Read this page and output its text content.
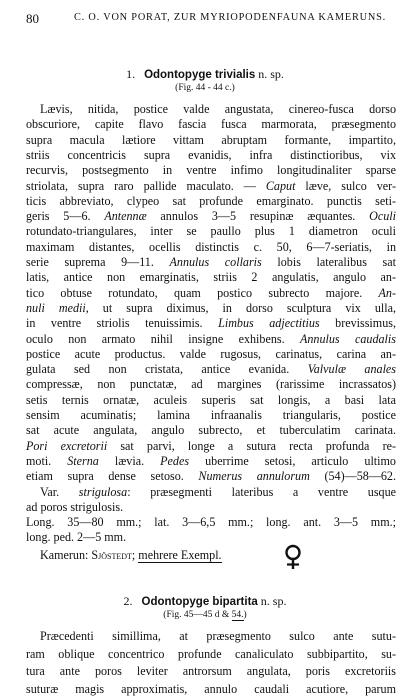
80	C. O. VON PORAT, ZUR MYRIOPODENFAUNA KAMERUNS.
1. Odontopyge trivialis n. sp.
(Fig. 44 - 44 c.)
Lævis, nitida, postice valde angustata, cinereo-fusca dorso
obscuriore, capite flavo fascia fusca marmorata, præsegmento
supra macula lætiore vittam abruptam formante, impartito,
striis concentricis supra evanidis, infra distinctioribus, vix
recurvis, postsegmento in ventre infimo longitudinaliter sparse
striolata, supra raro pallide maculato. — Caput læve, sulco ver-
ticis abbreviato, clypeo sat profunde emarginato. punctis seti-
geris 5—6. Antennæ annulos 3—5 resupinæ æquantes. Oculi
rotundato-triangulares, inter se paullo plus 1 diametron oculi
maximam distantes, ocellis distinctis c. 50, 6—7-seriatis, in
serie suprema 9—11. Annulus collaris lobis lateralibus sat
latis, antice non emarginatis, striis 2 angulatis, angulo an-
tico obtuse rotundato, quam postico subrecto majore. An-
nuli medii, ut supra diximus, in dorso sculptura vix ulla,
in ventre striolis tenuissimis. Limbus adjectitius brevissimus,
oculo non armato nihil insigne exhibens. Annulus caudalis
postice acute productus. valde rugosus, carinatus, carina an-
gulata sed non cristata, antice evanida. Valvulæ anales
compressæ, non punctatæ, ad margines (rarissime incrassatos)
setis ternis ornatæ, aculeis superis sat longis, a basi lata
sensim acuminatis; lamina infraanalis triangularis, postice
sat acute angulata, angulo subrecto, et tuberculatim carinata.
Pori excretorii sat parvi, longe a sutura recta profunda re-
moti. Sterna lævia. Pedes uberrime setosi, articulo ultimo
etiam supra dense setoso. Numerus annulorum (54)—58—62.
Var. strigulosa: præsegmenti lateribus a ventre usque
ad poros strigulosis.
Long. 35—80 mm.; lat. 3—6,5 mm.; long. ant. 3—5 mm.;
long. ped. 2—5 mm.
Kamerun: Sjöstedt; mehrere Exempl.
2. Odontopyge bipartita n. sp.
(Fig. 45—45 d & 54.)
Præcedenti simillima, at præsegmento sulco ante sutu-
ram oblique concentrico profunde canaliculato subbipartito, su-
tura ante poros leviter antrorsum angulata, poris excretoriis
suturæ magis approximatis, annulo caudali acutiore, parum
